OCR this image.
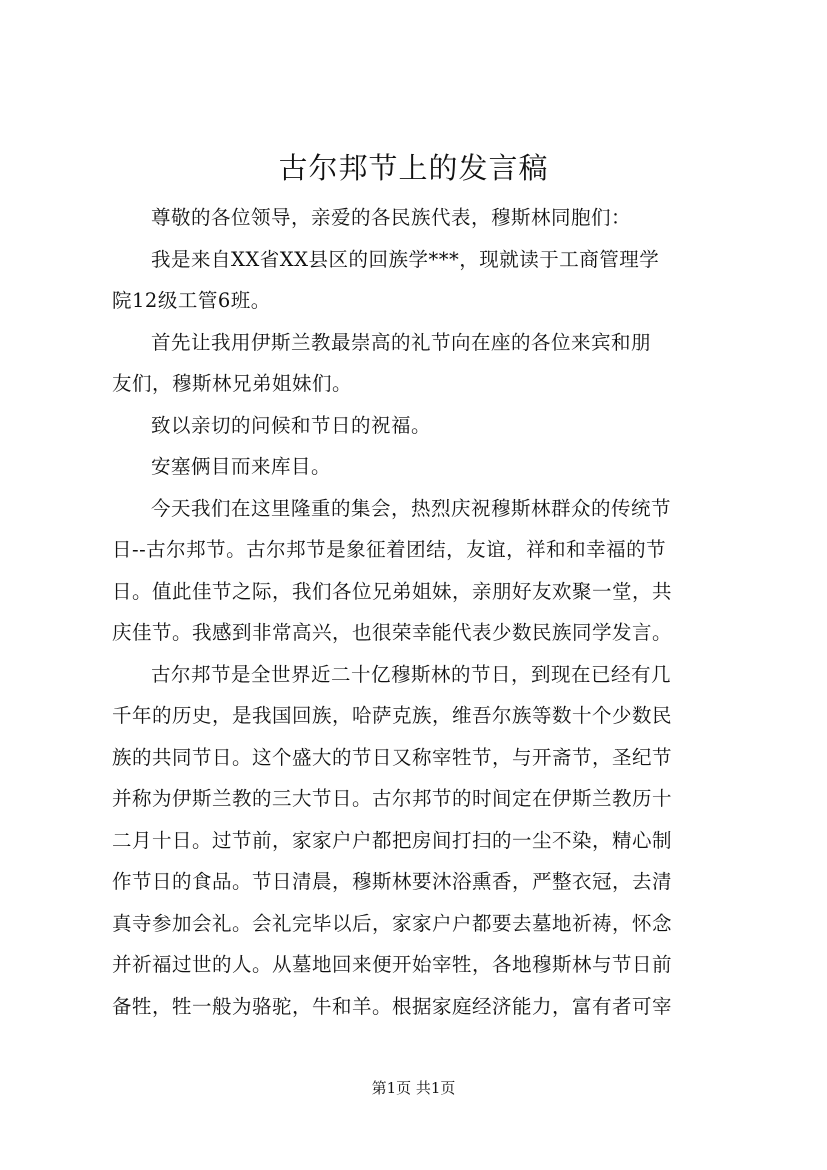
古尔邦节上的发言稿
尊敬的各位领导，亲爱的各民族代表，穆斯林同胞们：
我是来自XX省XX县区的回族学***，现就读于工商管理学
院12级工管6班。
首先让我用伊斯兰教最崇高的礼节向在座的各位来宾和朋
友们，穆斯林兄弟姐妹们。
致以亲切的问候和节日的祝福。
安塞俩目而来库目。
今天我们在这里隆重的集会，热烈庆祝穆斯林群众的传统节
日--古尔邦节。古尔邦节是象征着团结，友谊，祥和和幸福的节
日。值此佳节之际，我们各位兄弟姐妹，亲朋好友欢聚一堂，共
庆佳节。我感到非常高兴，也很荣幸能代表少数民族同学发言。
古尔邦节是全世界近二十亿穆斯林的节日，到现在已经有几
千年的历史，是我国回族，哈萨克族，维吾尔族等数十个少数民
族的共同节日。这个盛大的节日又称宰牲节，与开斋节，圣纪节
并称为伊斯兰教的三大节日。古尔邦节的时间定在伊斯兰教历十
二月十日。过节前，家家户户都把房间打扫的一尘不染，精心制
作节日的食品。节日清晨，穆斯林要沐浴熏香，严整衣冠，去清
真寺参加会礼。会礼完毕以后，家家户户都要去墓地祈祷，怀念
并祈福过世的人。从墓地回来便开始宰牲，各地穆斯林与节日前
备牲，牲一般为骆驼，牛和羊。根据家庭经济能力，富有者可宰
第1页 共1页
